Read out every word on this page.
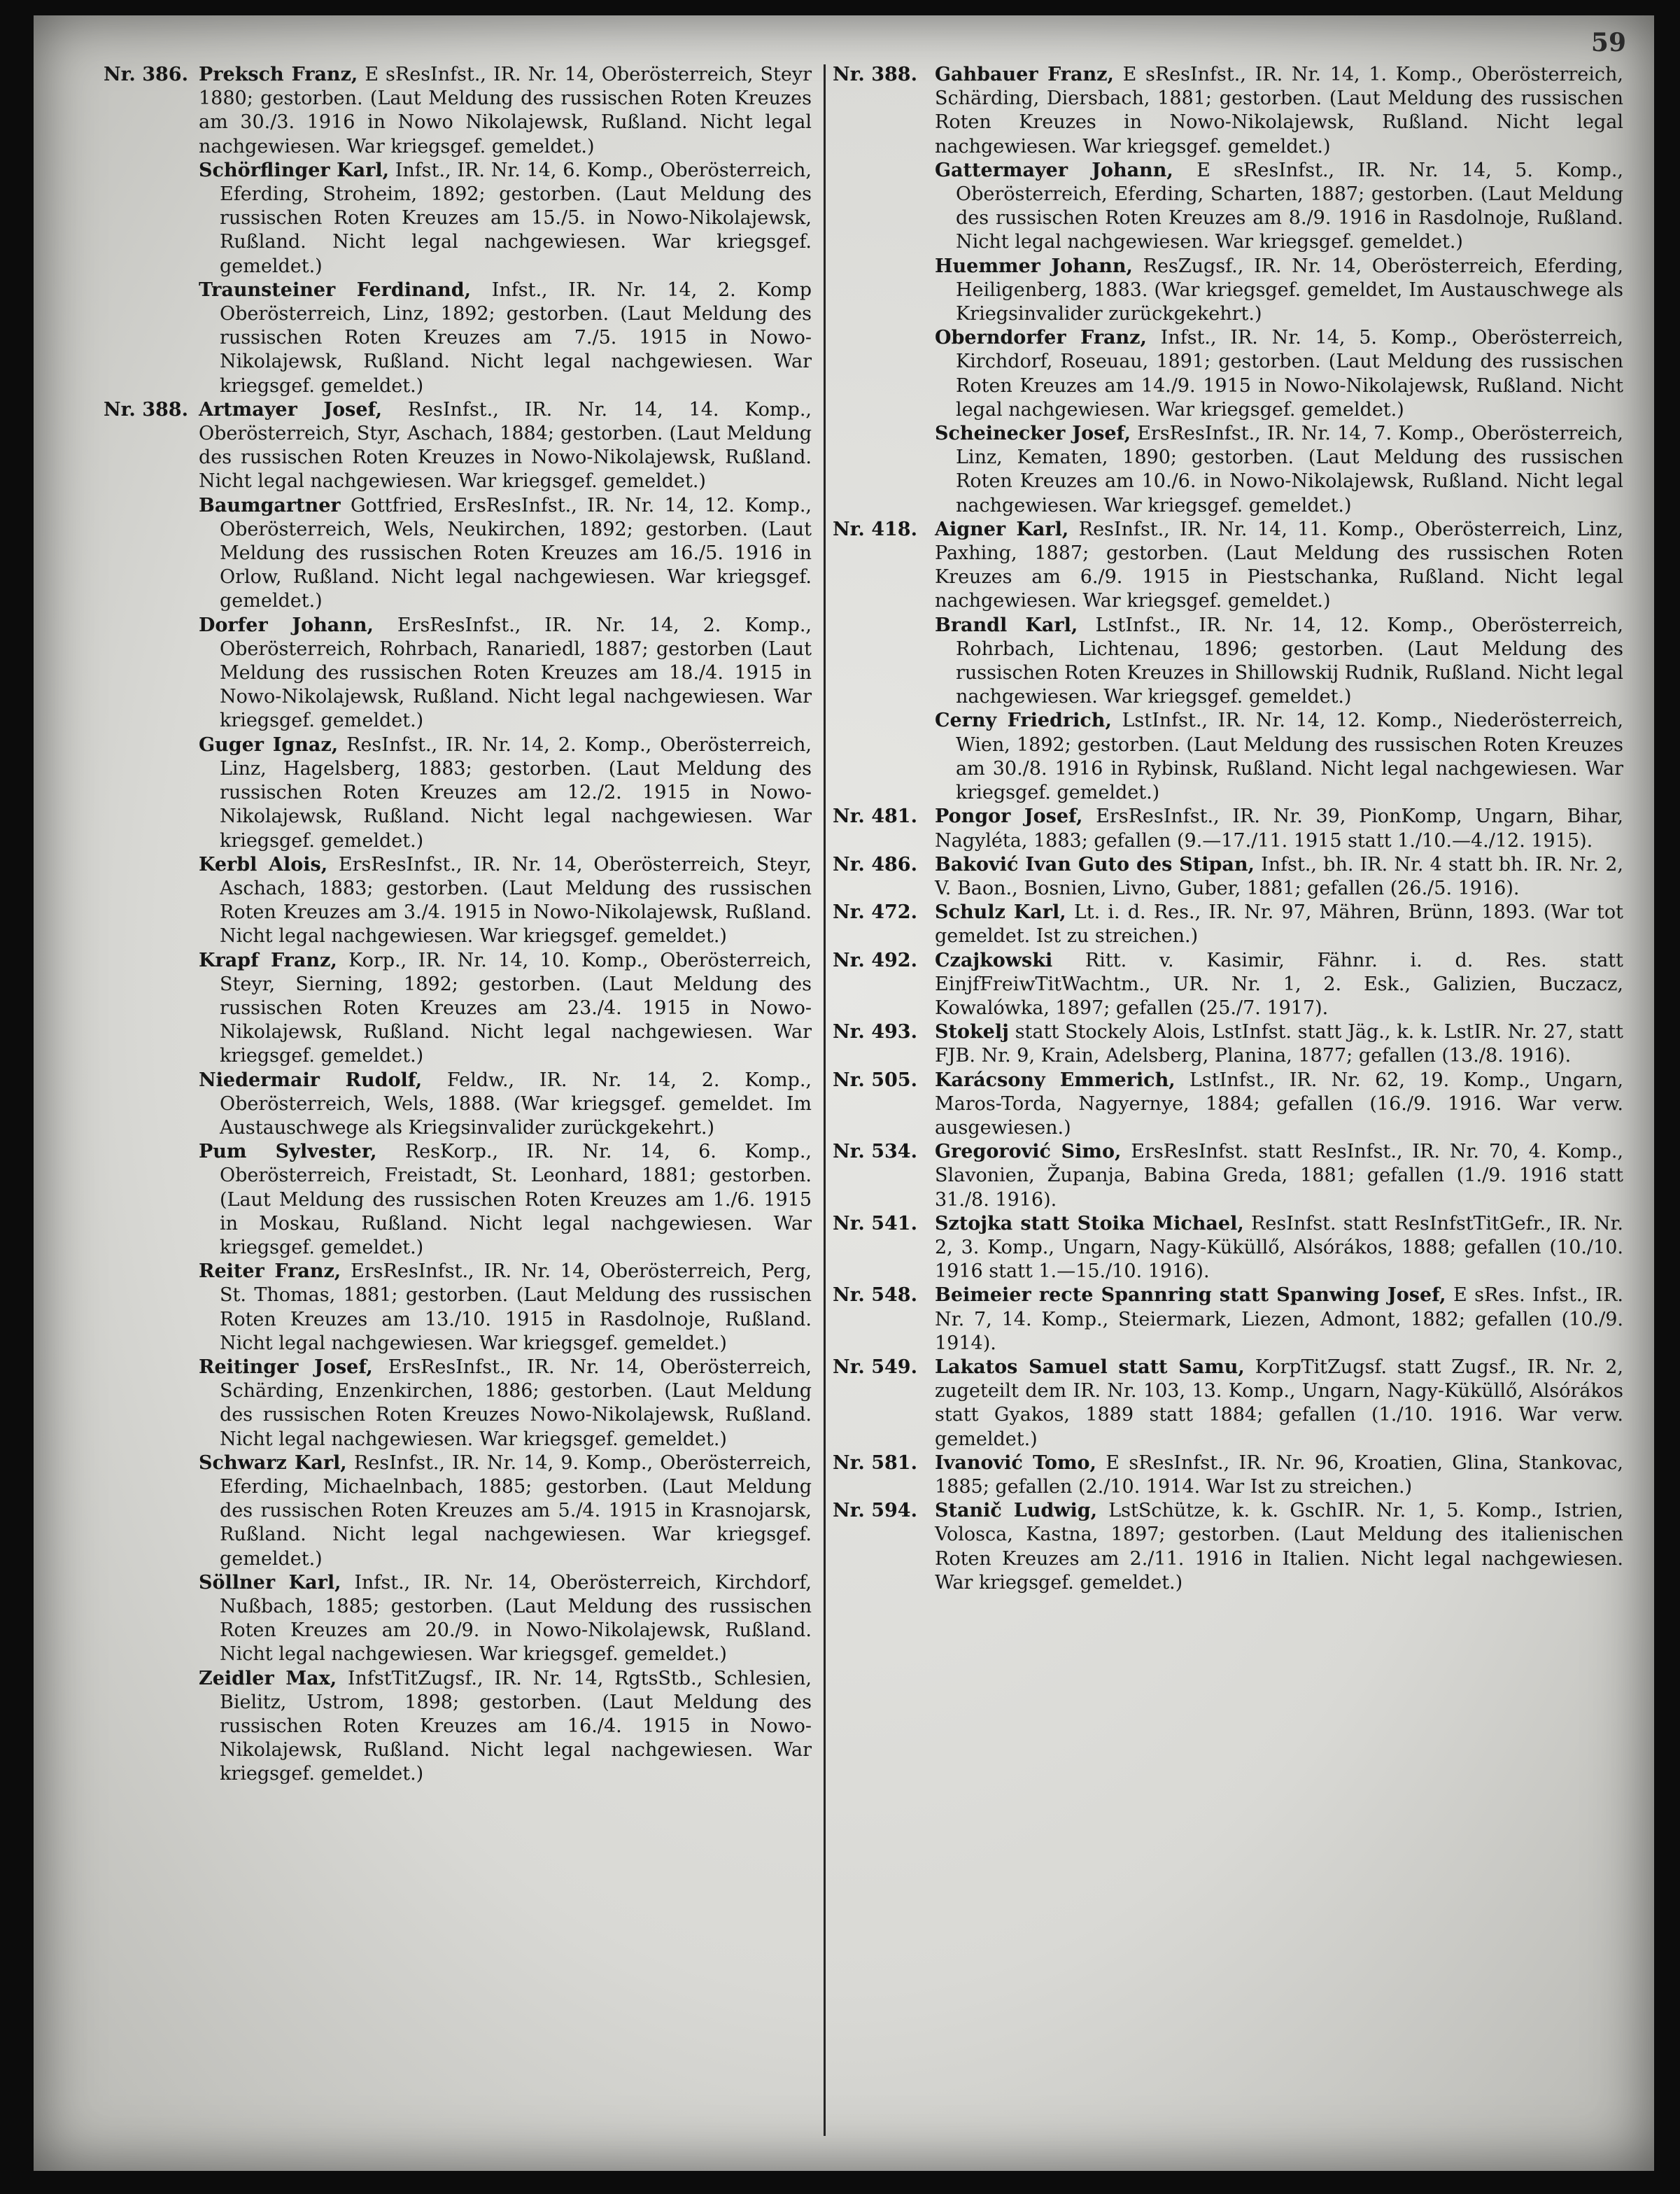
59
Nr. 386. Preksch Franz, E sResInfst., IR. Nr. 14, Oberösterreich, Steyr 1880; gestorben. (Laut Meldung des russischen Roten Kreuzes am 30./3. 1916 in Nowo Nikolajewsk, Rußland. Nicht legal nachgewiesen. War kriegsgef. gemeldet.)
Schörflinger Karl, Infst., IR. Nr. 14, 6. Komp., Oberösterreich, Eferding, Stroheim, 1892; gestorben. (Laut Meldung des russischen Roten Kreuzes am 15./5. in Nowo-Nikolajewsk, Rußland. Nicht legal nachgewiesen. War kriegsgef. gemeldet.)
Traunsteiner Ferdinand, Infst., IR. Nr. 14, 2. Komp Oberösterreich, Linz, 1892; gestorben. (Laut Meldung des russischen Roten Kreuzes am 7./5. 1915 in Nowo-Nikolajewsk, Rußland. Nicht legal nachgewiesen. War kriegsgef. gemeldet.)
Nr. 388. Artmayer Josef, ResInfst., IR. Nr. 14, 14. Komp., Oberösterreich, Styr, Aschach, 1884; gestorben. (Laut Meldung des russischen Roten Kreuzes in Nowo-Nikolajewsk, Rußland. Nicht legal nachgewiesen. War kriegsgef. gemeldet.)
Baumgartner Gottfried, ErsResInfst., IR. Nr. 14, 12. Komp., Oberösterreich, Wels, Neukirchen, 1892; gestorben. (Laut Meldung des russischen Roten Kreuzes am 16./5. 1916 in Orlow, Rußland. Nicht legal nachgewiesen. War kriegsgef. gemeldet.)
Dorfer Johann, ErsResInfst., IR. Nr. 14, 2. Komp., Oberösterreich, Rohrbach, Ranariedl, 1887; gestorben (Laut Meldung des russischen Roten Kreuzes am 18./4. 1915 in Nowo-Nikolajewsk, Rußland. Nicht legal nachgewiesen. War kriegsgef. gemeldet.)
Guger Ignaz, ResInfst., IR. Nr. 14, 2. Komp., Oberösterreich, Linz, Hagelsberg, 1883; gestorben. (Laut Meldung des russischen Roten Kreuzes am 12./2. 1915 in Nowo-Nikolajewsk, Rußland. Nicht legal nachgewiesen. War kriegsgef. gemeldet.)
Kerbl Alois, ErsResInfst., IR. Nr. 14, Oberösterreich, Steyr, Aschach, 1883; gestorben. (Laut Meldung des russischen Roten Kreuzes am 3./4. 1915 in Nowo-Nikolajewsk, Rußland. Nicht legal nachgewiesen. War kriegsgef. gemeldet.)
Krapf Franz, Korp., IR. Nr. 14, 10. Komp., Oberösterreich, Steyr, Sierning, 1892; gestorben. (Laut Meldung des russischen Roten Kreuzes am 23./4. 1915 in Nowo-Nikolajewsk, Rußland. Nicht legal nachgewiesen. War kriegsgef. gemeldet.)
Niedermair Rudolf, Feldw., IR. Nr. 14, 2. Komp., Oberösterreich, Wels, 1888. (War kriegsgef. gemeldet. Im Austauschwege als Kriegsinvalider zurückgekehrt.)
Pum Sylvester, ResKorp., IR. Nr. 14, 6. Komp., Oberösterreich, Freistadt, St. Leonhard, 1881; gestorben. (Laut Meldung des russischen Roten Kreuzes am 1./6. 1915 in Moskau, Rußland. Nicht legal nachgewiesen. War kriegsgef. gemeldet.)
Reiter Franz, ErsResInfst., IR. Nr. 14, Oberösterreich, Perg, St. Thomas, 1881; gestorben. (Laut Meldung des russischen Roten Kreuzes am 13./10. 1915 in Rasdolnoje, Rußland. Nicht legal nachgewiesen. War kriegsgef. gemeldet.)
Reitinger Josef, ErsResInfst., IR. Nr. 14, Oberösterreich, Schärding, Enzenkirchen, 1886; gestorben. (Laut Meldung des russischen Roten Kreuzes Nowo-Nikolajewsk, Rußland. Nicht legal nachgewiesen. War kriegsgef. gemeldet.)
Schwarz Karl, ResInfst., IR. Nr. 14, 9. Komp., Oberösterreich, Eferding, Michaelnbach, 1885; gestorben. (Laut Meldung des russischen Roten Kreuzes am 5./4. 1915 in Krasnojarsk, Rußland. Nicht legal nachgewiesen. War kriegsgef. gemeldet.)
Söllner Karl, Infst., IR. Nr. 14, Oberösterreich, Kirchdorf, Nußbach, 1885; gestorben. (Laut Meldung des russischen Roten Kreuzes am 20./9. in Nowo-Nikolajewsk, Rußland. Nicht legal nachgewiesen. War kriegsgef. gemeldet.)
Zeidler Max, InfstTitZugsf., IR. Nr. 14, RgtsStb., Schlesien, Bielitz, Ustrom, 1898; gestorben. (Laut Meldung des russischen Roten Kreuzes am 16./4. 1915 in Nowo-Nikolajewsk, Rußland. Nicht legal nachgewiesen. War kriegsgef. gemeldet.)
Nr. 388. Gahbauer Franz, E sResInfst., IR. Nr. 14, 1. Komp., Oberösterreich, Schärding, Diersbach, 1881; gestorben. (Laut Meldung des russischen Roten Kreuzes in Nowo-Nikolajewsk, Rußland. Nicht legal nachgewiesen. War kriegsgef. gemeldet.)
Gattermayer Johann, E sResInfst., IR. Nr. 14, 5. Komp., Oberösterreich, Eferding, Scharten, 1887; gestorben. (Laut Meldung des russischen Roten Kreuzes am 8./9. 1916 in Rasdolnoje, Rußland. Nicht legal nachgewiesen. War kriegsgef. gemeldet.)
Huemmer Johann, ResZugsf., IR. Nr. 14, Oberösterreich, Eferding, Heiligenberg, 1883. (War kriegsgef. gemeldet, Im Austauschwege als Kriegsinvalider zurückgekehrt.)
Oberndorfer Franz, Infst., IR. Nr. 14, 5. Komp., Oberösterreich, Kirchdorf, Roseuau, 1891; gestorben. (Laut Meldung des russischen Roten Kreuzes am 14./9. 1915 in Nowo-Nikolajewsk, Rußland. Nicht legal nachgewiesen. War kriegsgef. gemeldet.)
Scheinecker Josef, ErsResInfst., IR. Nr. 14, 7. Komp., Oberösterreich, Linz, Kematen, 1890; gestorben. (Laut Meldung des russischen Roten Kreuzes am 10./6. in Nowo-Nikolajewsk, Rußland. Nicht legal nachgewiesen. War kriegsgef. gemeldet.)
Nr. 418. Aigner Karl, ResInfst., IR. Nr. 14, 11. Komp., Oberösterreich, Linz, Paxhing, 1887; gestorben. (Laut Meldung des russischen Roten Kreuzes am 6./9. 1915 in Piestschanka, Rußland. Nicht legal nachgewiesen. War kriegsgef. gemeldet.)
Brandl Karl, LstInfst., IR. Nr. 14, 12. Komp., Oberösterreich, Rohrbach, Lichtenau, 1896; gestorben. (Laut Meldung des russischen Roten Kreuzes in Shillowskij Rudnik, Rußland. Nicht legal nachgewiesen. War kriegsgef. gemeldet.)
Cerny Friedrich, LstInfst., IR. Nr. 14, 12. Komp., Niederösterreich, Wien, 1892; gestorben. (Laut Meldung des russischen Roten Kreuzes am 30./8. 1916 in Rybinsk, Rußland. Nicht legal nachgewiesen. War kriegsgef. gemeldet.)
Nr. 481. Pongor Josef, ErsResInfst., IR. Nr. 39, PionKomp, Ungarn, Bihar, Nagyléta, 1883; gefallen (9.—17./11. 1915 statt 1./10.—4./12. 1915).
Nr. 486. Baković Ivan Guto des Stipan, Infst., bh. IR. Nr. 4 statt bh. IR. Nr. 2, V. Baon., Bosnien, Livno, Guber, 1881; gefallen (26./5. 1916).
Nr. 472. Schulz Karl, Lt. i. d. Res., IR. Nr. 97, Mähren, Brünn, 1893. (War tot gemeldet. Ist zu streichen.)
Nr. 492. Czajkowski Ritt. v. Kasimir, Fähnr. i. d. Res. statt EinjfFreiwTitWachtm., UR. Nr. 1, 2. Esk., Galizien, Buczacz, Kowalówka, 1897; gefallen (25./7. 1917).
Nr. 493. Stokelj statt Stockely Alois, LstInfst. statt Jäg., k. k. LstIR. Nr. 27, statt FJB. Nr. 9, Krain, Adelsberg, Planina, 1877; gefallen (13./8. 1916).
Nr. 505. Karácsony Emmerich, LstInfst., IR. Nr. 62, 19. Komp., Ungarn, Maros-Torda, Nagyernye, 1884; gefallen (16./9. 1916. War verw. ausgewiesen.)
Nr. 534. Gregorović Simo, ErsResInfst. statt ResInfst., IR. Nr. 70, 4. Komp., Slavonien, Županja, Babina Greda, 1881; gefallen (1./9. 1916 statt 31./8. 1916).
Nr. 541. Sztojka statt Stoika Michael, ResInfst. statt ResInfstTitGefr., IR. Nr. 2, 3. Komp., Ungarn, Nagy-Küküllő, Alsórákos, 1888; gefallen (10./10. 1916 statt 1.—15./10. 1916).
Nr. 548. Beimeier recte Spannring statt Spanwing Josef, E sRes. Infst., IR. Nr. 7, 14. Komp., Steiermark, Liezen, Admont, 1882; gefallen (10./9. 1914).
Nr. 549. Lakatos Samuel statt Samu, KorpTitZugsf. statt Zugsf., IR. Nr. 2, zugeteilt dem IR. Nr. 103, 13. Komp., Ungarn, Nagy-Küküllő, Alsórákos statt Gyakos, 1889 statt 1884; gefallen (1./10. 1916. War verw. gemeldet.)
Nr. 581. Ivanović Tomo, E sResInfst., IR. Nr. 96, Kroatien, Glina, Stankovac, 1885; gefallen (2./10. 1914. War Ist zu streichen.)
Nr. 594. Stanič Ludwig, LstSchütze, k. k. GschIR. Nr. 1, 5. Komp., Istrien, Volosca, Kastna, 1897; gestorben. (Laut Meldung des italienischen Roten Kreuzes am 2./11. 1916 in Italien. Nicht legal nachgewiesen. War kriegsgef. gemeldet.)
